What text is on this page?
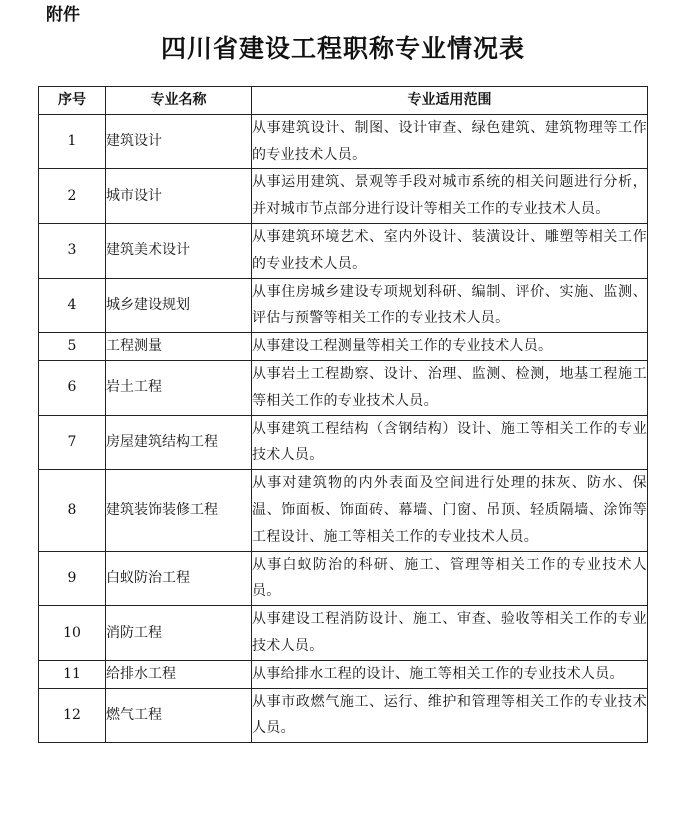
附件
四川省建设工程职称专业情况表
序号	专业名称	专业适用范围
1	建筑设计	从事建筑设计、制图、设计审查、绿色建筑、建筑物理等工作的专业技术人员。
2	城市设计	从事运用建筑、景观等手段对城市系统的相关问题进行分析，并对城市节点部分进行设计等相关工作的专业技术人员。
3	建筑美术设计	从事建筑环境艺术、室内外设计、装潢设计、雕塑等相关工作的专业技术人员。
4	城乡建设规划	从事住房城乡建设专项规划科研、编制、评价、实施、监测、评估与预警等相关工作的专业技术人员。
5	工程测量	从事建设工程测量等相关工作的专业技术人员。
6	岩土工程	从事岩土工程勘察、设计、治理、监测、检测，地基工程施工等相关工作的专业技术人员。
7	房屋建筑结构工程	从事建筑工程结构（含钢结构）设计、施工等相关工作的专业技术人员。
8	建筑装饰装修工程	从事对建筑物的内外表面及空间进行处理的抹灰、防水、保温、饰面板、饰面砖、幕墙、门窗、吊顶、轻质隔墙、涂饰等工程设计、施工等相关工作的专业技术人员。
9	白蚁防治工程	从事白蚁防治的科研、施工、管理等相关工作的专业技术人员。
10	消防工程	从事建设工程消防设计、施工、审查、验收等相关工作的专业技术人员。
11	给排水工程	从事给排水工程的设计、施工等相关工作的专业技术人员。
12	燃气工程	从事市政燃气施工、运行、维护和管理等相关工作的专业技术人员。
